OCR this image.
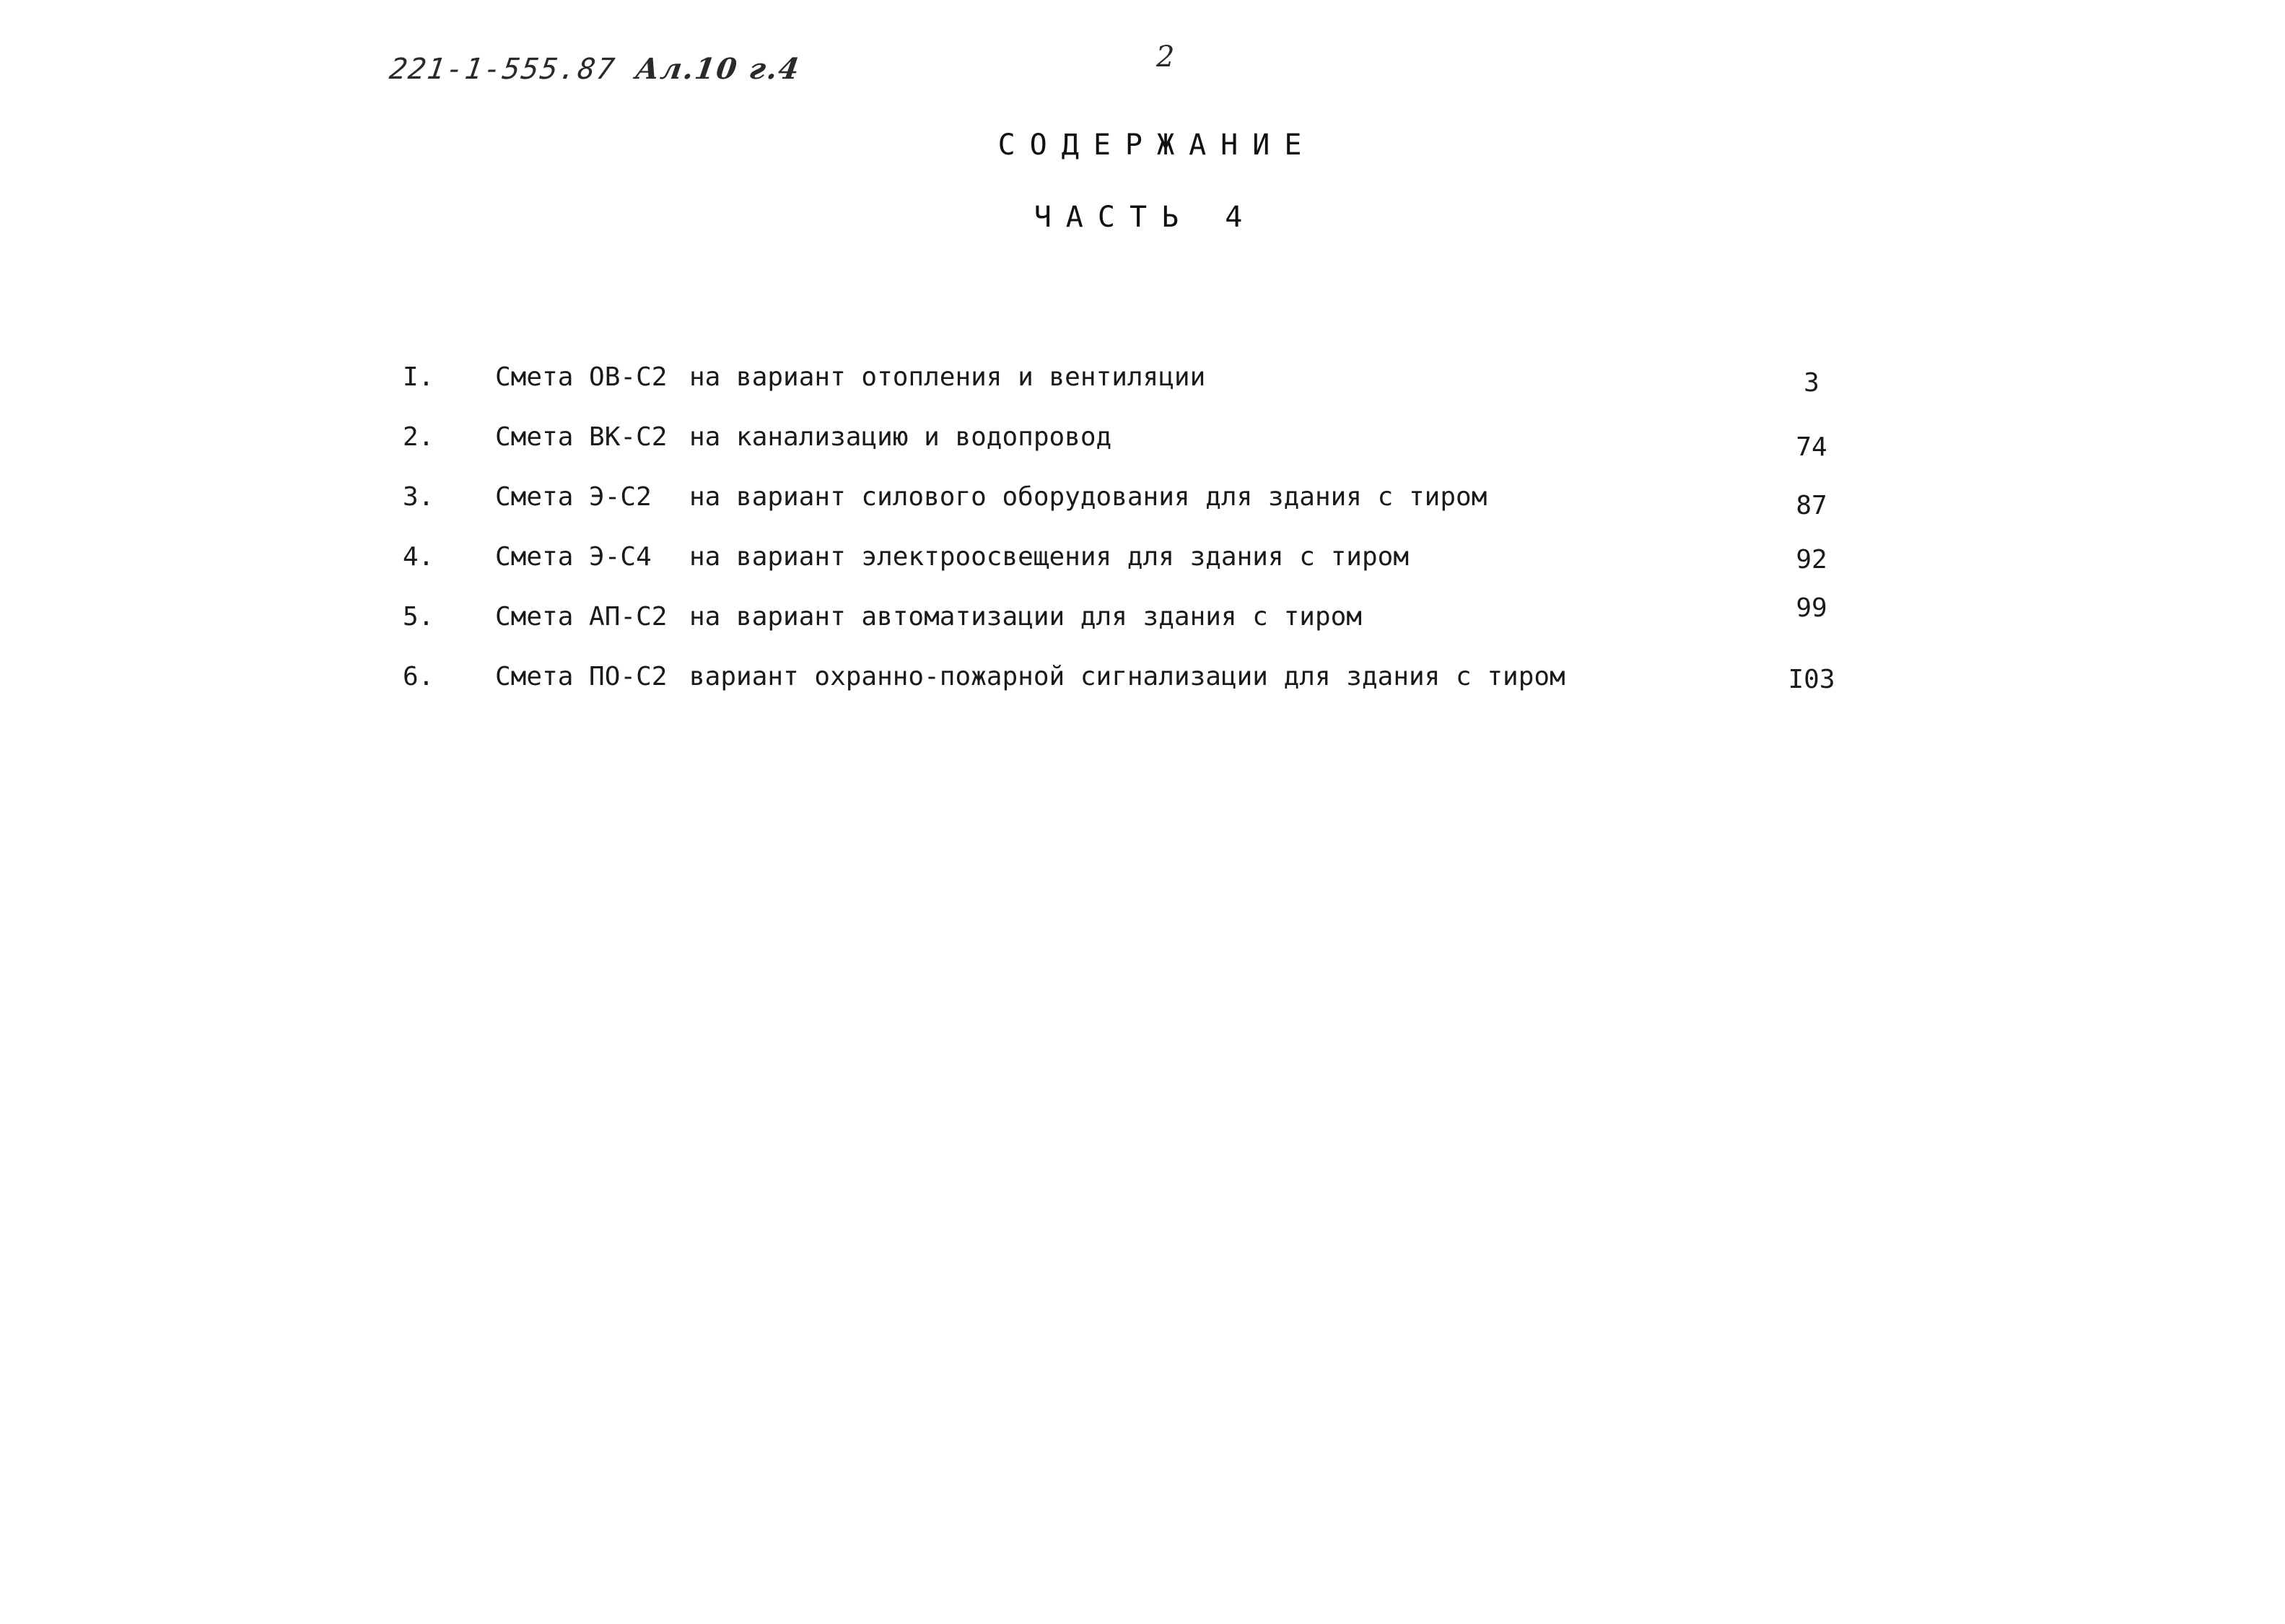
221-1-555.87 Ал.10 г.4	2
СОДЕРЖАНИЕ
ЧАСТЬ 4
I. Смета ОВ-С2 на вариант отопления и вентиляции	3
2. Смета ВК-С2 на канализацию и водопровод	74
3. Смета Э-С2 на вариант силового оборудования для здания с тиром	87
4. Смета Э-С4 на вариант электроосвещения для здания с тиром	92
5. Смета АП-С2 на вариант автоматизации для здания с тиром	99
6. Смета ПО-С2 вариант охранно-пожарной сигнализации для здания с тиром	I03
